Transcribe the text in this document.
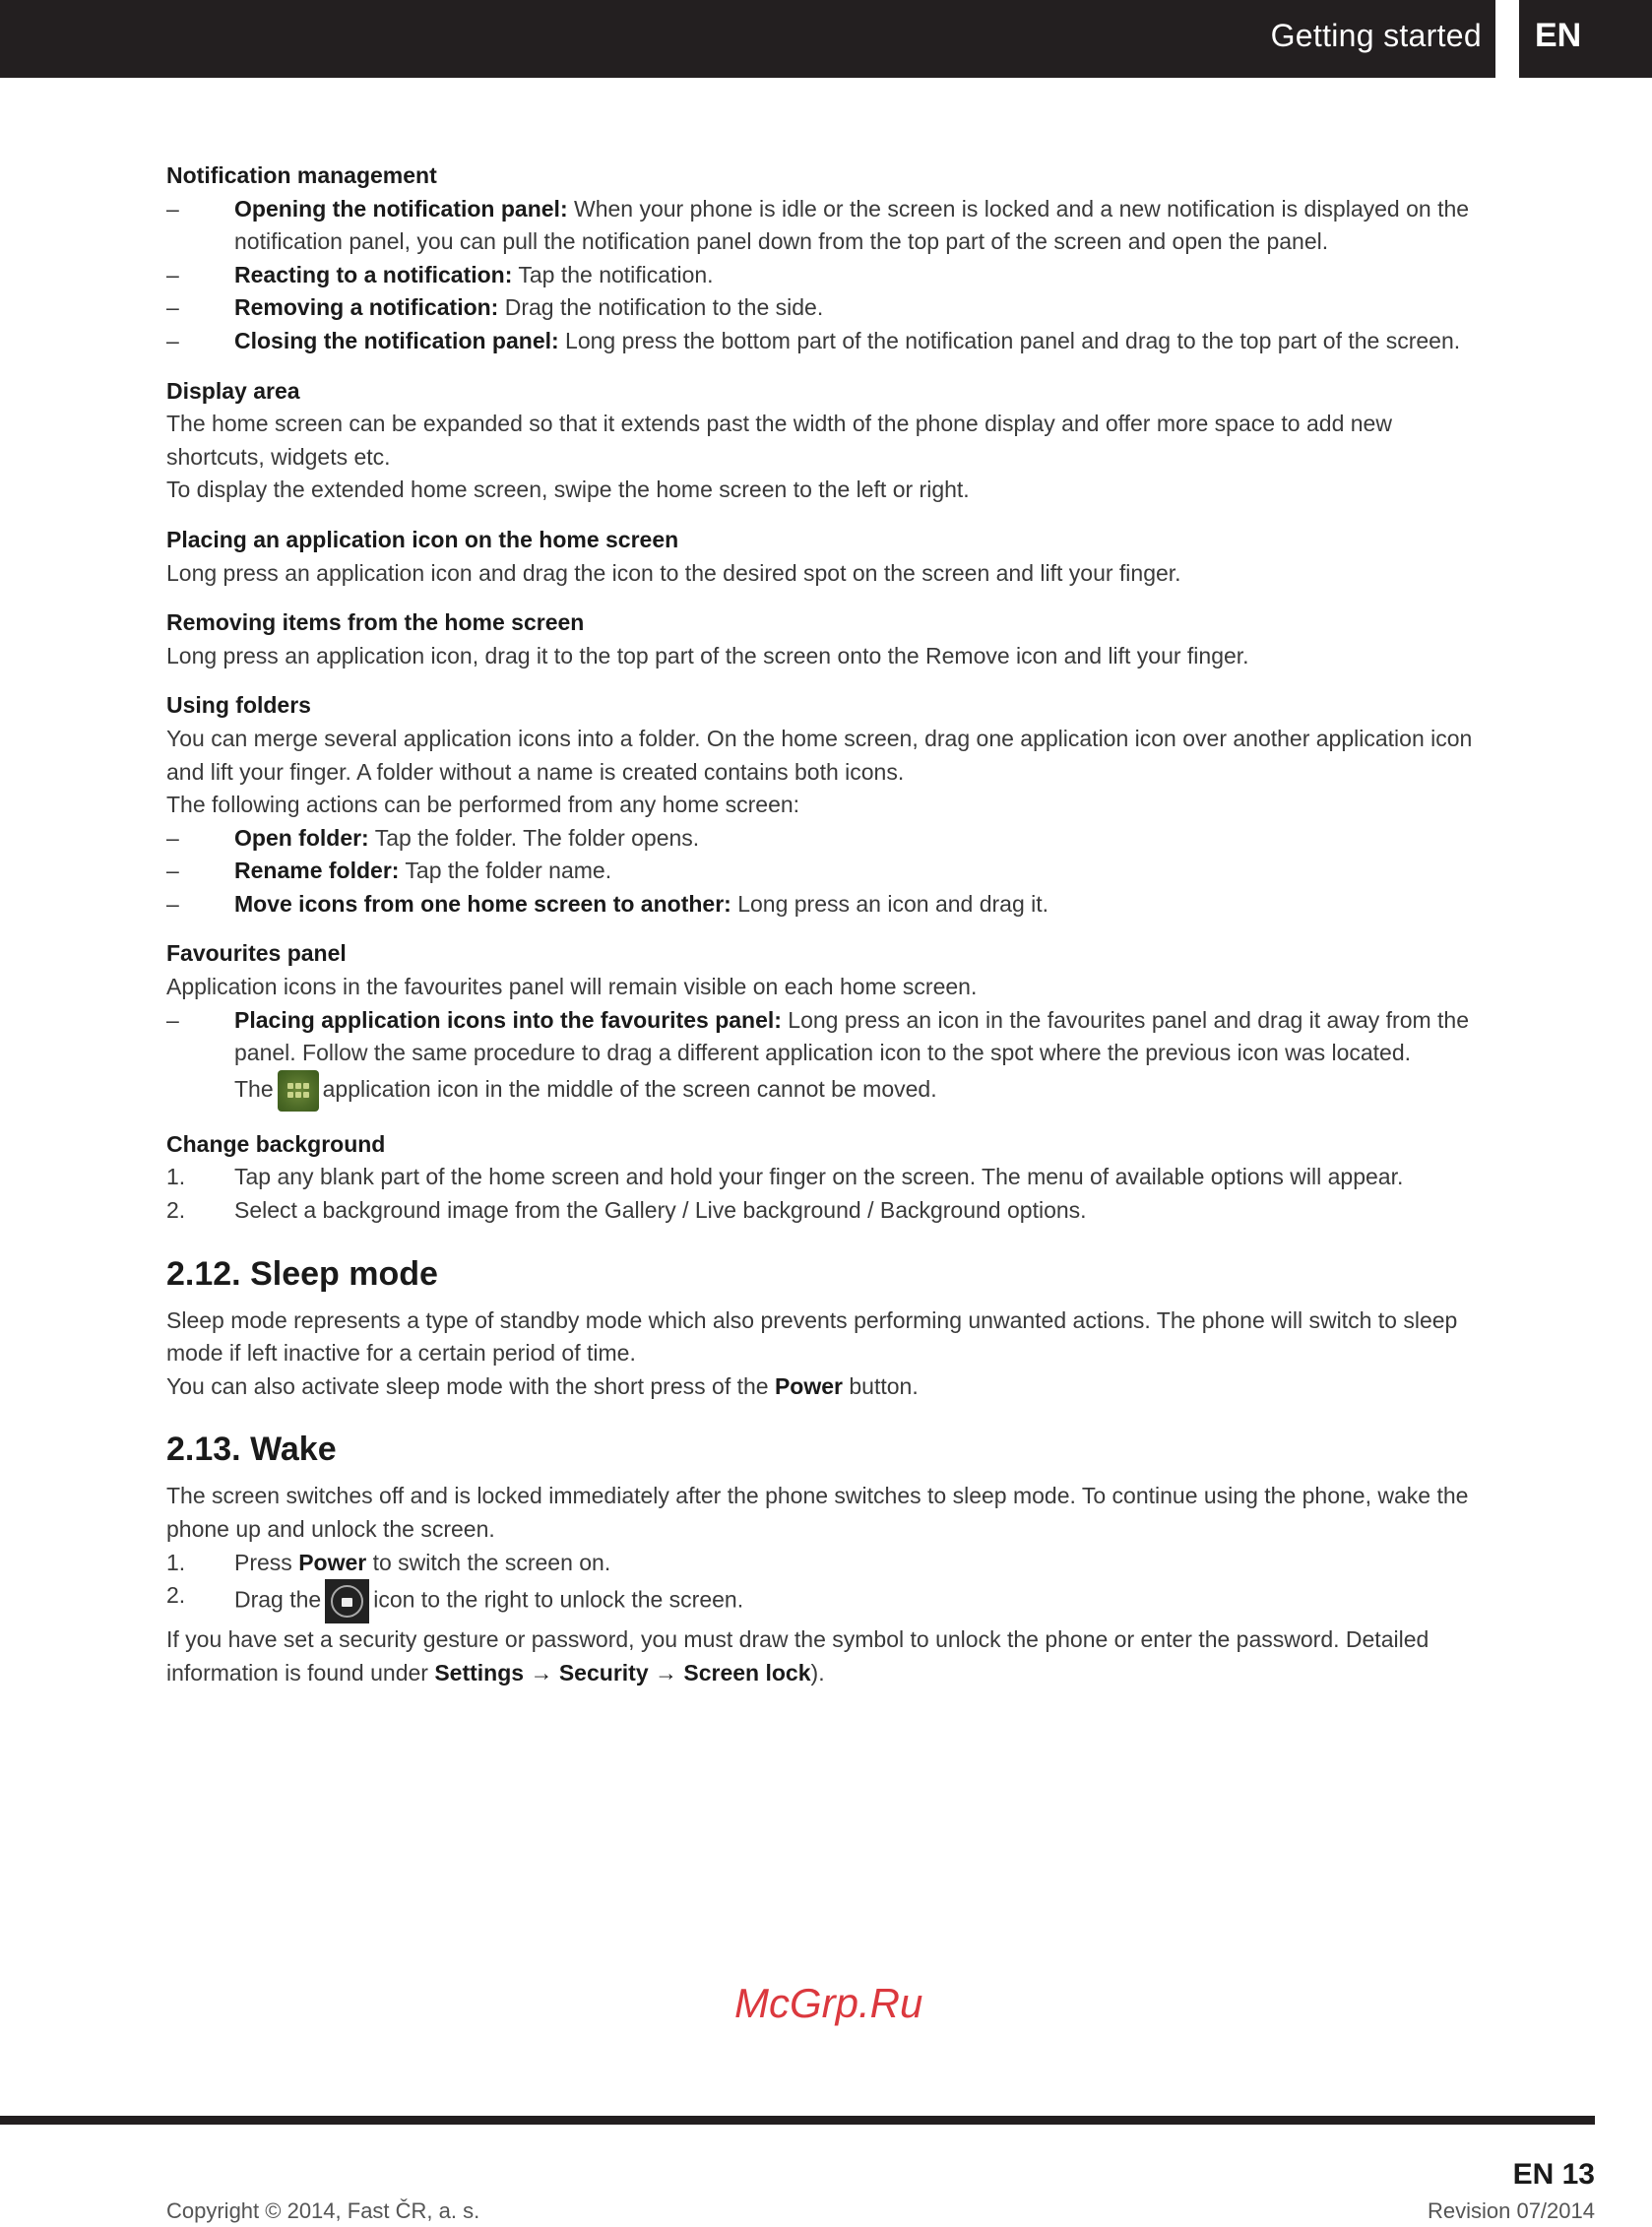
Getting started EN
Notification management
– Opening the notification panel: When your phone is idle or the screen is locked and a new notification is displayed on the notification panel, you can pull the notification panel down from the top part of the screen and open the panel.
– Reacting to a notification: Tap the notification.
– Removing a notification: Drag the notification to the side.
– Closing the notification panel: Long press the bottom part of the notification panel and drag to the top part of the screen.
Display area
The home screen can be expanded so that it extends past the width of the phone display and offer more space to add new shortcuts, widgets etc.
To display the extended home screen, swipe the home screen to the left or right.
Placing an application icon on the home screen
Long press an application icon and drag the icon to the desired spot on the screen and lift your finger.
Removing items from the home screen
Long press an application icon, drag it to the top part of the screen onto the Remove icon and lift your finger.
Using folders
You can merge several application icons into a folder. On the home screen, drag one application icon over another application icon and lift your finger. A folder without a name is created contains both icons.
The following actions can be performed from any home screen:
– Open folder: Tap the folder. The folder opens.
– Rename folder: Tap the folder name.
– Move icons from one home screen to another: Long press an icon and drag it.
Favourites panel
Application icons in the favourites panel will remain visible on each home screen.
– Placing application icons into the favourites panel: Long press an icon in the favourites panel and drag it away from the panel. Follow the same procedure to drag a different application icon to the spot where the previous icon was located.
The application icon in the middle of the screen cannot be moved.
Change background
1. Tap any blank part of the home screen and hold your finger on the screen. The menu of available options will appear.
2. Select a background image from the Gallery / Live background / Background options.
2.12. Sleep mode
Sleep mode represents a type of standby mode which also prevents performing unwanted actions. The phone will switch to sleep mode if left inactive for a certain period of time.
You can also activate sleep mode with the short press of the Power button.
2.13. Wake
The screen switches off and is locked immediately after the phone switches to sleep mode. To continue using the phone, wake the phone up and unlock the screen.
1. Press Power to switch the screen on.
2. Drag the icon to the right to unlock the screen.
If you have set a security gesture or password, you must draw the symbol to unlock the phone or enter the password. Detailed information is found under Settings → Security → Screen lock).
McGrp.Ru
EN 13
Copyright © 2014, Fast ČR, a. s.	Revision 07/2014
